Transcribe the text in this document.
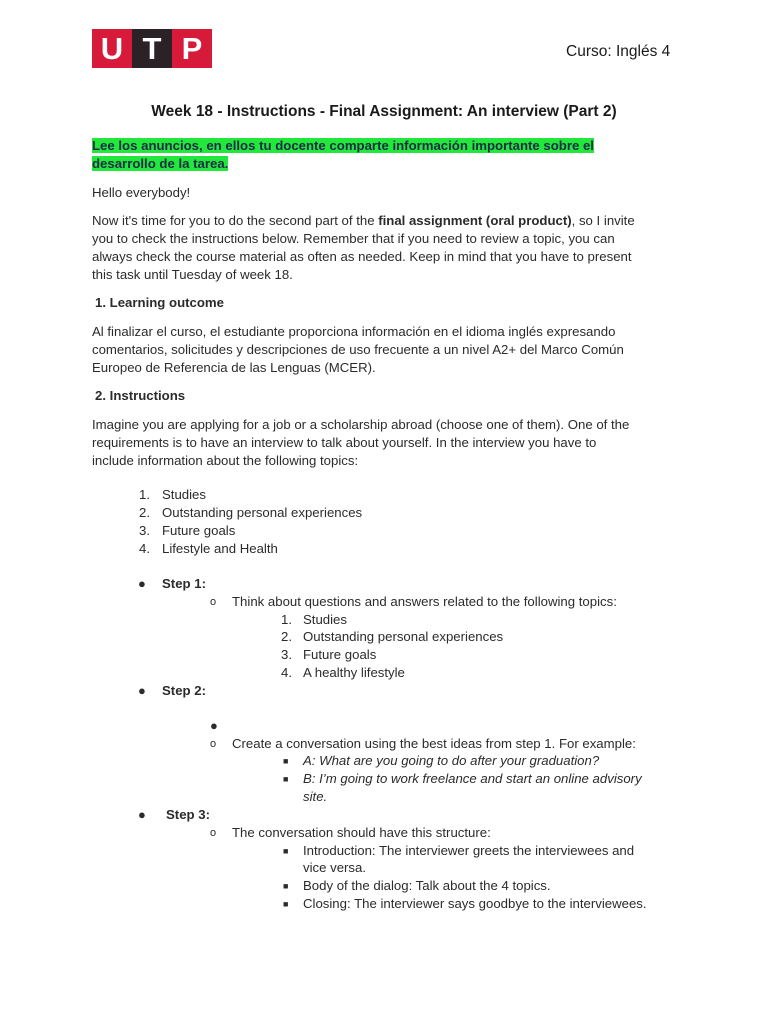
U T P	Curso: Inglés 4
Week 18 - Instructions - Final Assignment: An interview (Part 2)
Lee los anuncios, en ellos tu docente comparte información importante sobre el
desarrollo de la tarea.
Hello everybody!
Now it's time for you to do the second part of the final assignment (oral product), so I invite
you to check the instructions below. Remember that if you need to review a topic, you can
always check the course material as often as needed. Keep in mind that you have to present
this task until Tuesday of week 18.
1. Learning outcome
Al finalizar el curso, el estudiante proporciona información en el idioma inglés expresando
comentarios, solicitudes y descripciones de uso frecuente a un nivel A2+ del Marco Común
Europeo de Referencia de las Lenguas (MCER).
2. Instructions
Imagine you are applying for a job or a scholarship abroad (choose one of them). One of the
requirements is to have an interview to talk about yourself. In the interview you have to
include information about the following topics:
1. Studies
2. Outstanding personal experiences
3. Future goals
4. Lifestyle and Health
● Step 1:
o Think about questions and answers related to the following topics:
1. Studies
2. Outstanding personal experiences
3. Future goals
4. A healthy lifestyle
● Step 2:
●
o Create a conversation using the best ideas from step 1. For example:
■ A: What are you going to do after your graduation?
■ B: I’m going to work freelance and start an online advisory
site.
● Step 3:
o The conversation should have this structure:
■ Introduction: The interviewer greets the interviewees and
vice versa.
■ Body of the dialog: Talk about the 4 topics.
■ Closing: The interviewer says goodbye to the interviewees.
